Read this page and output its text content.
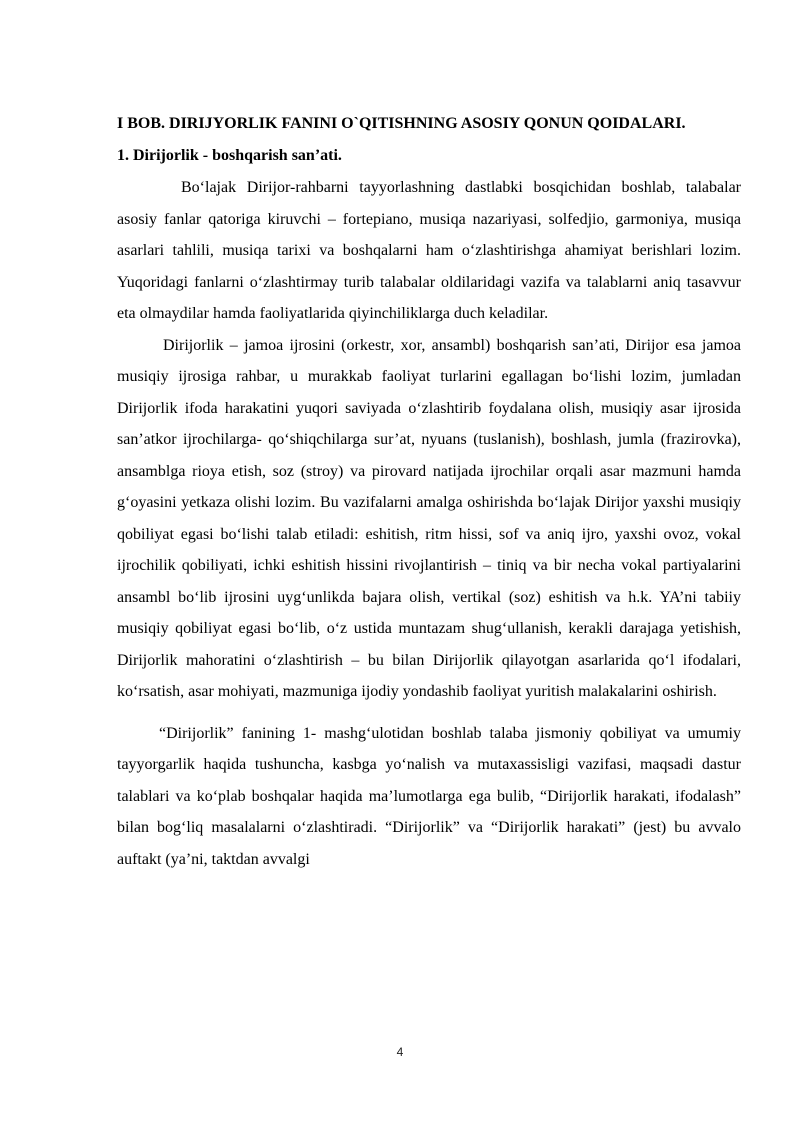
I BOB. DIRIJYORLIK FANINI O`QITISHNING ASOSIY QONUN QOIDALARI.

1. Dirijorlik - boshqarish san’ati.

Bo‘lajak Dirijor-rahbarni tayyorlashning dastlabki bosqichidan boshlab, talabalar asosiy fanlar qatoriga kiruvchi – fortepiano, musiqa nazariyasi, solfedjio, garmoniya, musiqa asarlari tahlili, musiqa tarixi va boshqalarni ham o‘zlashtirishga ahamiyat berishlari lozim. Yuqoridagi fanlarni o‘zlashtirmay turib talabalar oldilaridagi vazifa va talablarni aniq tasavvur eta olmaydilar hamda faoliyatlarida qiyinchiliklarga duch keladilar.

Dirijorlik – jamoa ijrosini (orkestr, xor, ansambl) boshqarish san’ati, Dirijor esa jamoa musiqiy ijrosiga rahbar, u murakkab faoliyat turlarini egallagan bo‘lishi lozim, jumladan Dirijorlik ifoda harakatini yuqori saviyada o‘zlashtirib foydalana olish, musiqiy asar ijrosida san’atkor ijrochilarga- qo‘shiqchilarga sur’at, nyuans (tuslanish), boshlash, jumla (frazirovka), ansamblga rioya etish, soz (stroy) va pirovard natijada ijrochilar orqali asar mazmuni hamda g‘oyasini yetkaza olishi lozim. Bu vazifalarni amalga oshirishda bo‘lajak Dirijor yaxshi musiqiy qobiliyat egasi bo‘lishi talab etiladi: eshitish, ritm hissi, sof va aniq ijro, yaxshi ovoz, vokal ijrochilik qobiliyati, ichki eshitish hissini rivojlantirish – tiniq va bir necha vokal partiyalarini ansambl bo‘lib ijrosini uyg‘unlikda bajara olish, vertikal (soz) eshitish va h.k. YA’ni tabiiy musiqiy qobiliyat egasi bo‘lib, o‘z ustida muntazam shug‘ullanish, kerakli darajaga yetishish, Dirijorlik mahoratini o‘zlashtirish – bu bilan Dirijorlik qilayotgan asarlarida qo‘l ifodalari, ko‘rsatish, asar mohiyati, mazmuniga ijodiy yondashib faoliyat yuritish malakalarini oshirish.

“Dirijorlik” fanining 1- mashg‘ulotidan boshlab talaba jismoniy qobiliyat va umumiy tayyorgarlik haqida tushuncha, kasbga yo‘nalish va mutaxassisligi vazifasi, maqsadi dastur talablari va ko‘plab boshqalar haqida ma’lumotlarga ega bulib, “Dirijorlik harakati, ifodalash” bilan bog‘liq masalalarni o‘zlashtiradi. “Dirijorlik” va “Dirijorlik harakati” (jest) bu avvalo auftakt (ya’ni, taktdan avvalgi

4
